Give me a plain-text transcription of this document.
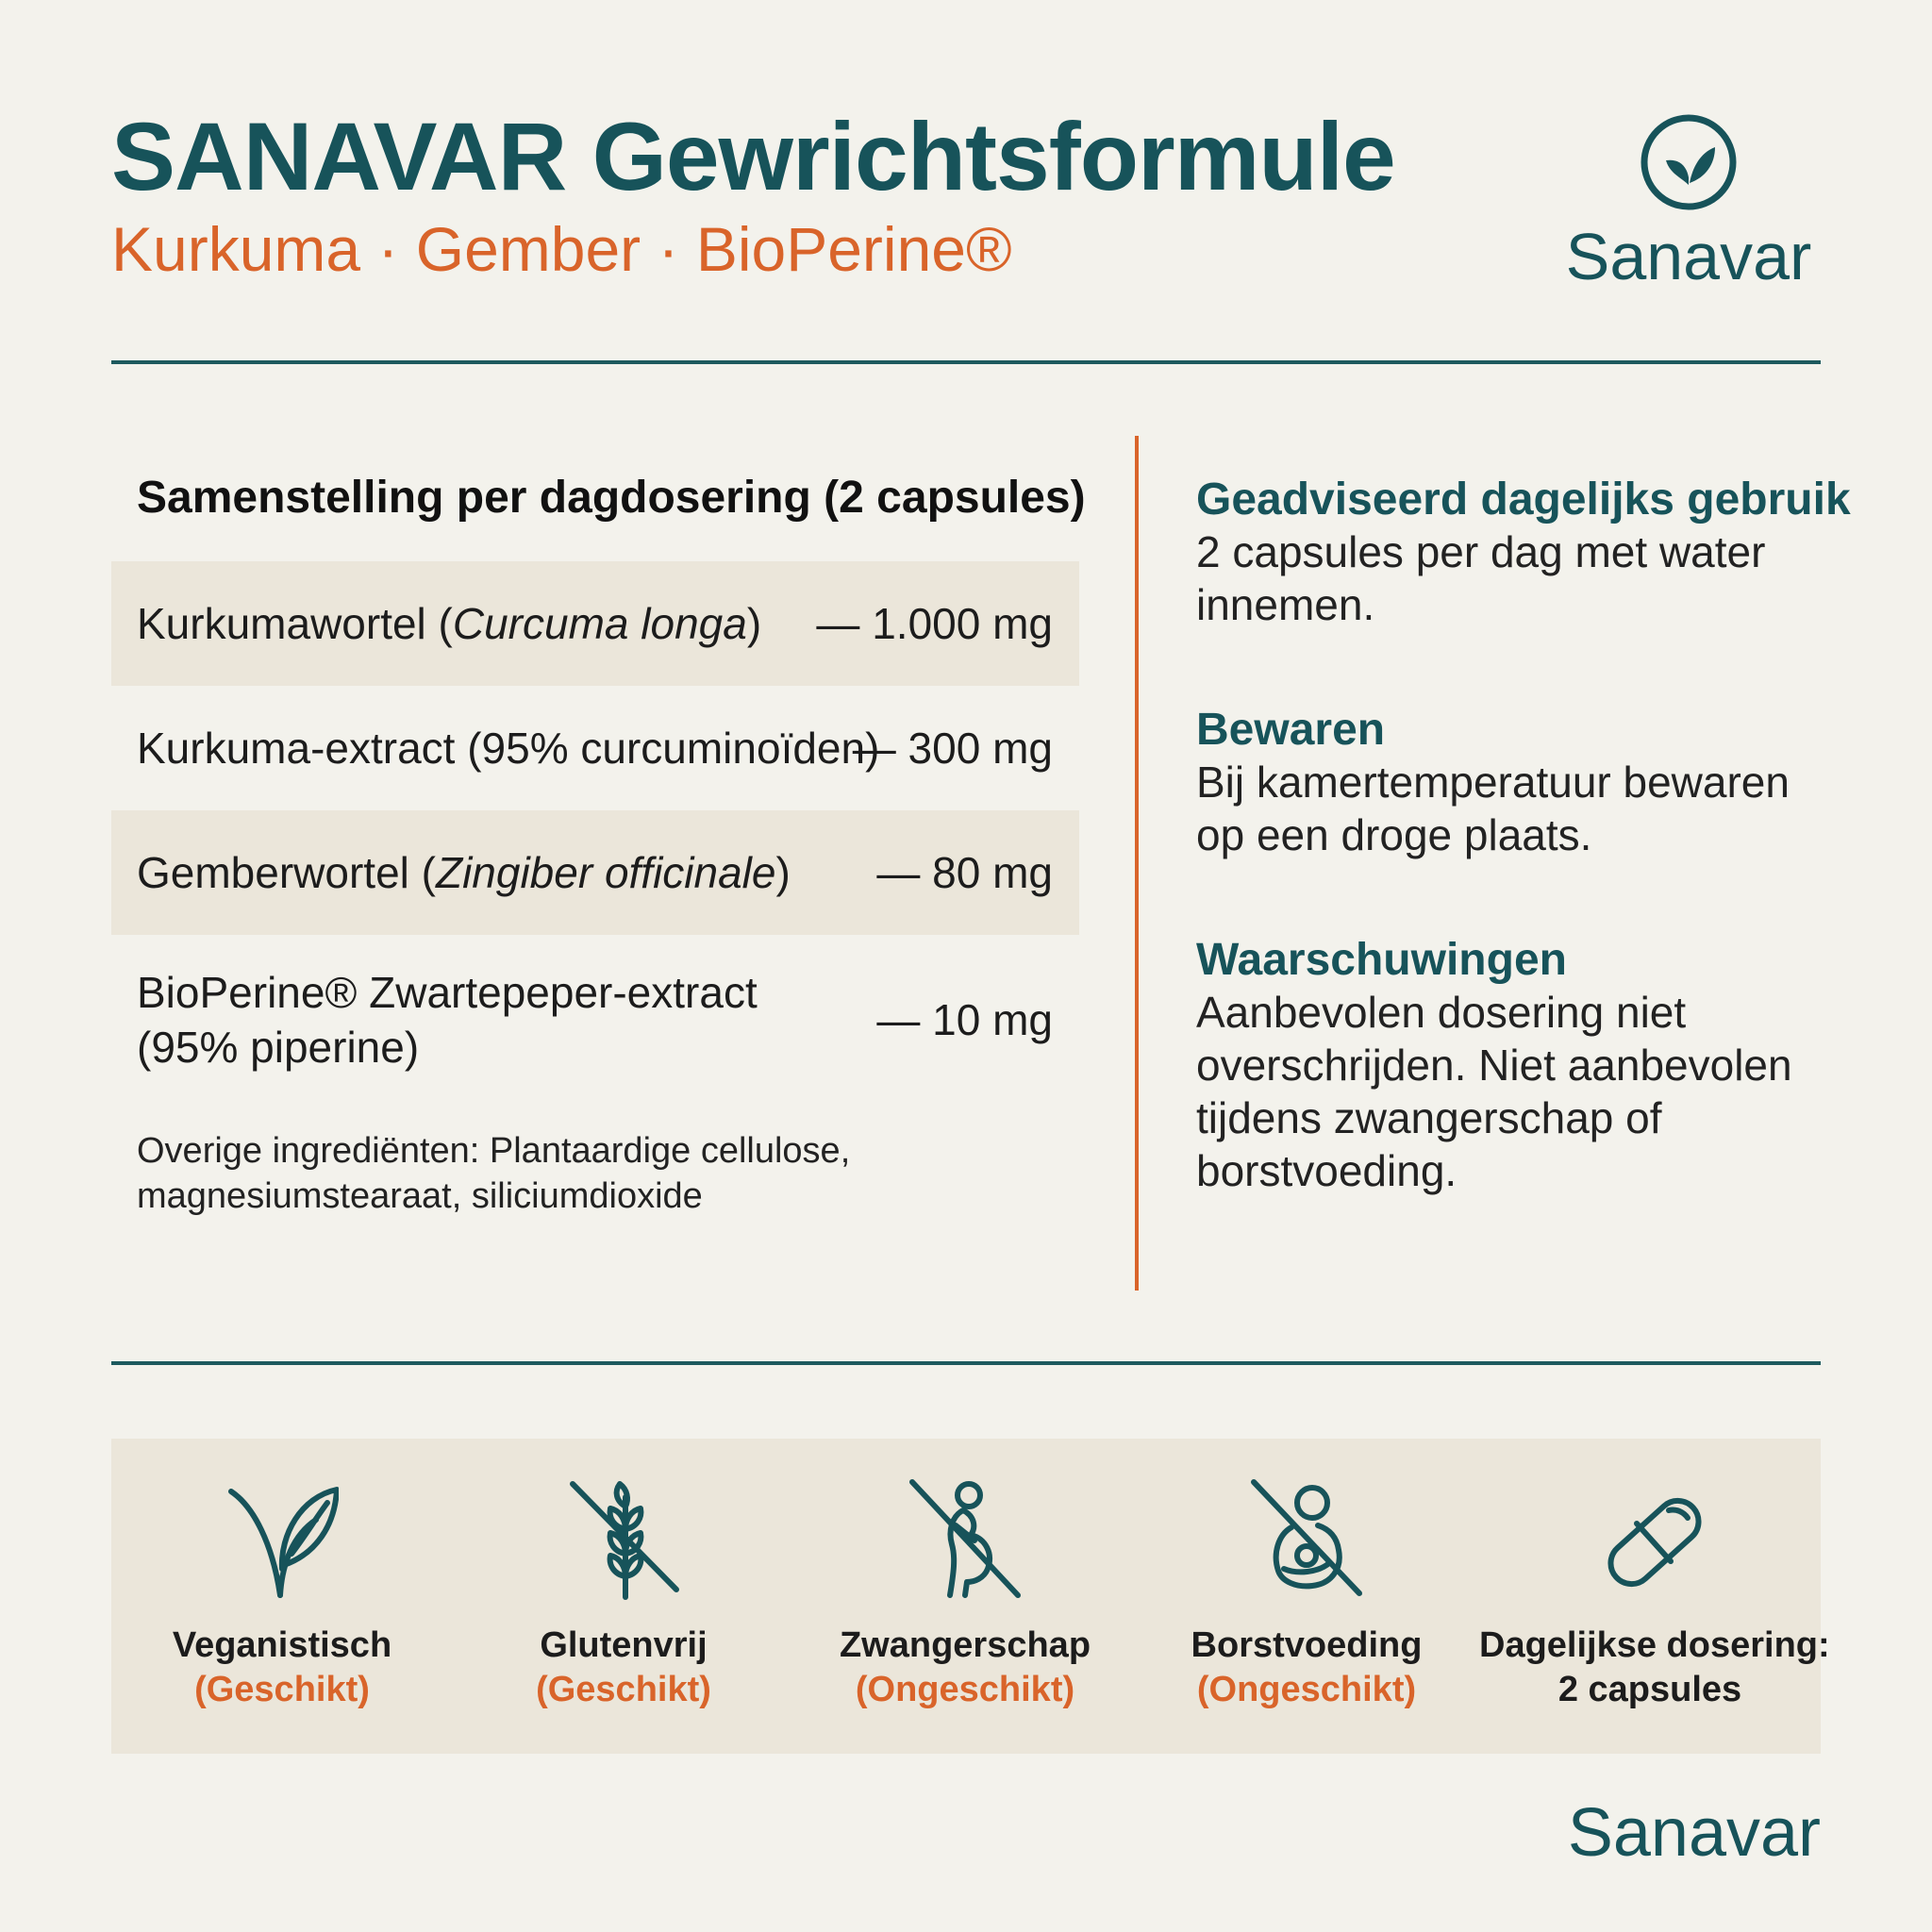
SANAVAR Gewrichtsformule
Kurkuma · Gember · BioPerine®	Sanavar
Samenstelling per dagdosering (2 capsules)
Kurkumawortel ( Curcuma longa ) — 1.000 mg
Kurkuma-extract (95% curcuminoïden)
— 300 mg
Gemberwortel ( Zingiber officinale ) — 80 mg
BioPerine® Zwartepeper-extract
(95% piperine)
— 10 mg
Overige ingrediënten: Plantaardige cellulose, magnesiumstearaat, siliciumdioxide
Geadviseerd dagelijks gebruik

2 capsules per dag met water innemen.

Bewaren

Bij kamertemperatuur bewaren op een droge plaats.

Waarschuwingen

Aanbevolen dosering niet overschrijden. Niet aanbevolen tijdens zwangerschap of borstvoeding.

Veganistisch
(Geschikt)
Glutenvrij
(Geschikt)
Zwangerschap
(Ongeschikt)
Borstvoeding
(Ongeschikt)
Dagelijkse dosering:
2 capsules
Sanavar
